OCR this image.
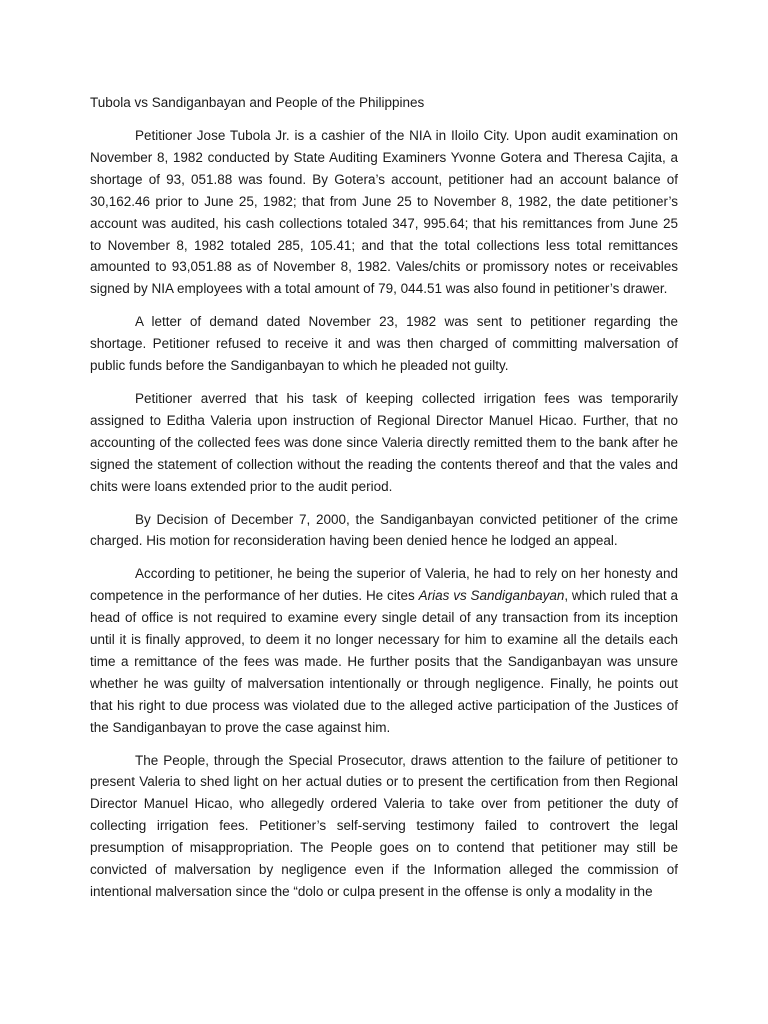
Tubola vs Sandiganbayan and People of the Philippines

Petitioner Jose Tubola Jr. is a cashier of the NIA in Iloilo City. Upon audit examination on November 8, 1982 conducted by State Auditing Examiners Yvonne Gotera and Theresa Cajita, a shortage of 93, 051.88 was found. By Gotera’s account, petitioner had an account balance of 30,162.46 prior to June 25, 1982; that from June 25 to November 8, 1982, the date petitioner’s account was audited, his cash collections totaled 347, 995.64; that his remittances from June 25 to November 8, 1982 totaled 285, 105.41; and that the total collections less total remittances amounted to 93,051.88 as of November 8, 1982. Vales/chits or promissory notes or receivables signed by NIA employees with a total amount of 79, 044.51 was also found in petitioner’s drawer.

A letter of demand dated November 23, 1982 was sent to petitioner regarding the shortage. Petitioner refused to receive it and was then charged of committing malversation of public funds before the Sandiganbayan to which he pleaded not guilty.

Petitioner averred that his task of keeping collected irrigation fees was temporarily assigned to Editha Valeria upon instruction of Regional Director Manuel Hicao. Further, that no accounting of the collected fees was done since Valeria directly remitted them to the bank after he signed the statement of collection without the reading the contents thereof and that the vales and chits were loans extended prior to the audit period.

By Decision of December 7, 2000, the Sandiganbayan convicted petitioner of the crime charged. His motion for reconsideration having been denied hence he lodged an appeal.

According to petitioner, he being the superior of Valeria, he had to rely on her honesty and competence in the performance of her duties. He cites Arias vs Sandiganbayan, which ruled that a head of office is not required to examine every single detail of any transaction from its inception until it is finally approved, to deem it no longer necessary for him to examine all the details each time a remittance of the fees was made. He further posits that the Sandiganbayan was unsure whether he was guilty of malversation intentionally or through negligence. Finally, he points out that his right to due process was violated due to the alleged active participation of the Justices of the Sandiganbayan to prove the case against him.

The People, through the Special Prosecutor, draws attention to the failure of petitioner to present Valeria to shed light on her actual duties or to present the certification from then Regional Director Manuel Hicao, who allegedly ordered Valeria to take over from petitioner the duty of collecting irrigation fees. Petitioner’s self-serving testimony failed to controvert the legal presumption of misappropriation. The People goes on to contend that petitioner may still be convicted of malversation by negligence even if the Information alleged the commission of intentional malversation since the “dolo or culpa present in the offense is only a modality in the
